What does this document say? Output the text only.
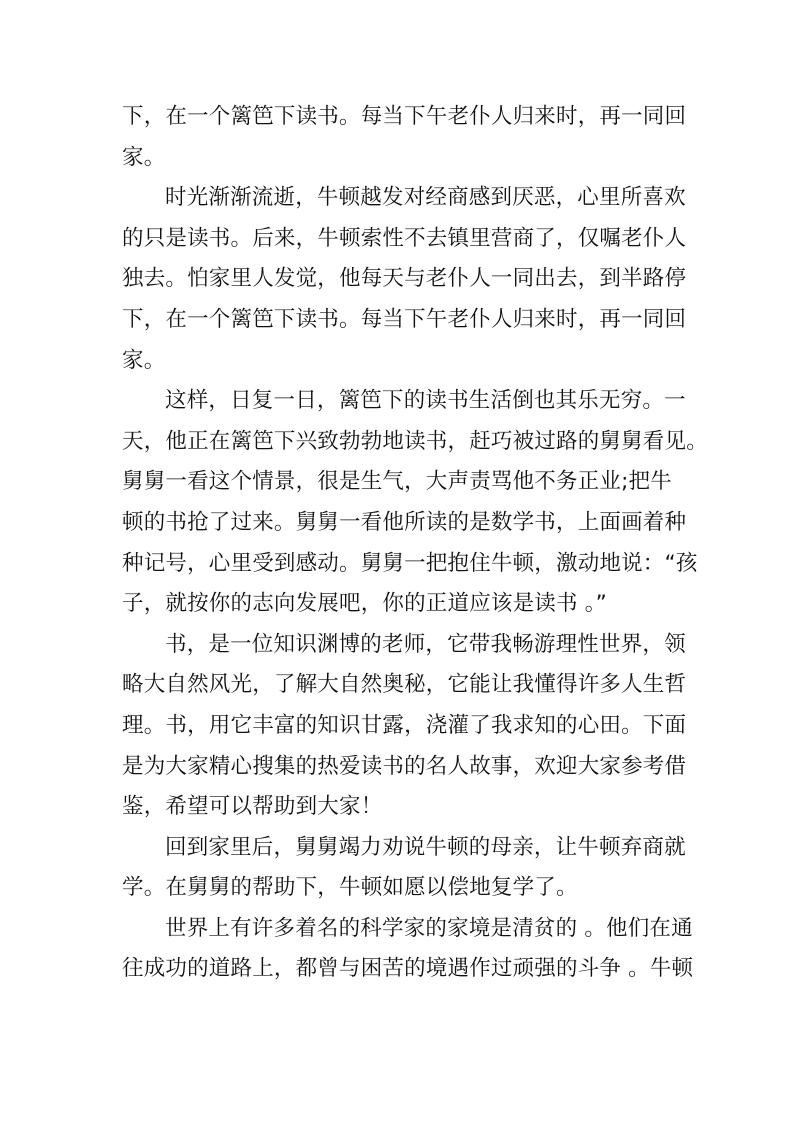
下，在一个篱笆下读书。每当下午老仆人归来时，再一同回
家。

时光渐渐流逝，牛顿越发对经商感到厌恶，心里所喜欢
的只是读书。后来，牛顿索性不去镇里营商了，仅嘱老仆人
独去。怕家里人发觉，他每天与老仆人一同出去，到半路停
下，在一个篱笆下读书。每当下午老仆人归来时，再一同回
家。

这样，日复一日，篱笆下的读书生活倒也其乐无穷。一
天，他正在篱笆下兴致勃勃地读书，赶巧被过路的舅舅看见。
舅舅一看这个情景，很是生气，大声责骂他不务正业;把牛
顿的书抢了过来。舅舅一看他所读的是数学书，上面画着种
种记号，心里受到感动。舅舅一把抱住牛顿，激动地说：“孩
子，就按你的志向发展吧，你的正道应该是读书 。”

书，是一位知识渊博的老师，它带我畅游理性世界，领
略大自然风光，了解大自然奥秘，它能让我懂得许多人生哲
理。书，用它丰富的知识甘露，浇灌了我求知的心田。下面
是为大家精心搜集的热爱读书的名人故事，欢迎大家参考借
鉴，希望可以帮助到大家！

回到家里后，舅舅竭力劝说牛顿的母亲，让牛顿弃商就
学。在舅舅的帮助下，牛顿如愿以偿地复学了。

世界上有许多着名的科学家的家境是清贫的 。他们在通
往成功的道路上，都曾与困苦的境遇作过顽强的斗争 。牛顿
